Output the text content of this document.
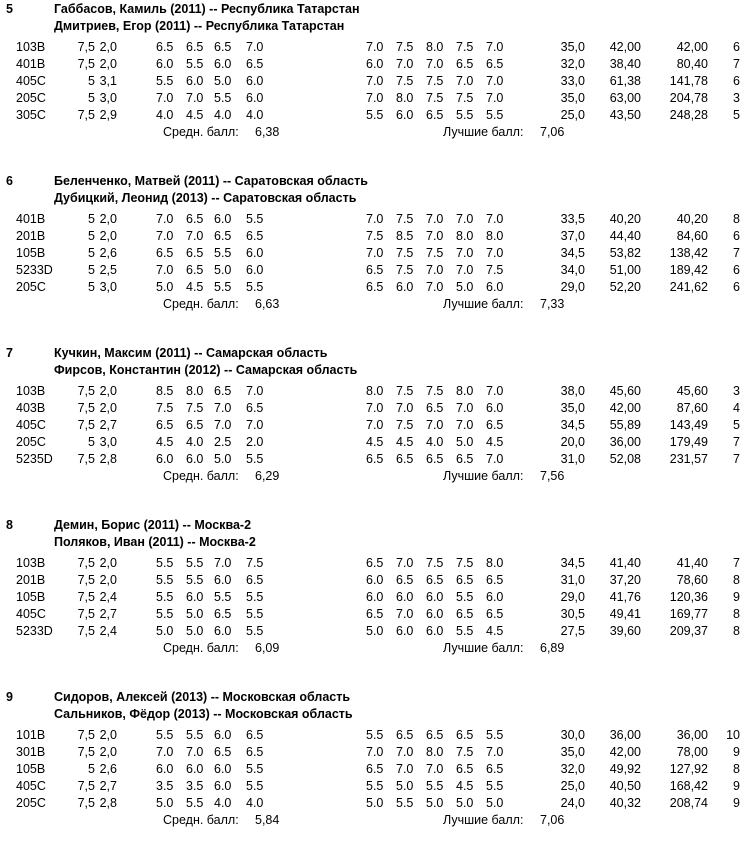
5	Габбасов, Камиль (2011) -- Республика Татарстан
Дмитриев, Егор (2011) -- Республика Татарстан
103B	7,5 2,0	6.5 6.5 6.5 7.0	7.0 7.5 8.0 7.5 7.0	35,0 42,00	42,00	6
401B	7,5 2,0	6.0 5.5 6.0 6.5	6.0 7.0 7.0 6.5 6.5	32,0 38,40	80,40	7
405C	5 3,1	5.5 6.0 5.0 6.0	7.0 7.5 7.5 7.0 7.0	33,0 61,38 141,78	6
205C	5 3,0	7.0 7.0 5.5 6.0	7.0 8.0 7.5 7.5 7.0	35,0 63,00 204,78	3
305C	7,5 2,9	4.0 4.5 4.0 4.0	5.5 6.0 6.5 5.5 5.5	25,0 43,50 248,28	5
Средн. балл: 6,38	Лучшие балл: 7,06
6	Беленченко, Матвей (2011) -- Саратовская область
Дубицкий, Леонид (2013) -- Саратовская область
401B	5 2,0	7.0 6.5 6.0 5.5	7.0 7.5 7.0 7.0 7.0	33,5 40,20	40,20	8
201B	5 2,0	7.0 7.0 6.5 6.5	7.5 8.5 7.0 8.0 8.0	37,0 44,40	84,60	6
105B	5 2,6	6.5 6.5 5.5 6.0	7.0 7.5 7.5 7.0 7.0	34,5 53,82 138,42	7
5233D	5 2,5	7.0 6.5 5.0 6.0	6.5 7.5 7.0 7.0 7.5	34,0 51,00 189,42	6
205C	5 3,0	5.0 4.5 5.5 5.5	6.5 6.0 7.0 5.0 6.0	29,0 52,20 241,62	6
Средн. балл: 6,63	Лучшие балл: 7,33
7	Кучкин, Максим (2011) -- Самарская область
Фирсов, Константин (2012) -- Самарская область
103B	7,5 2,0	8.5 8.0 6.5 7.0	8.0 7.5 7.5 8.0 7.0	38,0 45,60	45,60	3
403B	7,5 2,0	7.5 7.5 7.0 6.5	7.0 7.0 6.5 7.0 6.0	35,0 42,00	87,60	4
405C	7,5 2,7	6.5 6.5 7.0 7.0	7.0 7.5 7.0 7.0 6.5	34,5 55,89 143,49	5
205C	5 3,0	4.5 4.0 2.5 2.0	4.5 4.5 4.0 5.0 4.5	20,0 36,00 179,49	7
5235D	7,5 2,8	6.0 6.0 5.0 5.5	6.5 6.5 6.5 6.5 7.0	31,0 52,08 231,57	7
Средн. балл: 6,29	Лучшие балл: 7,56
8	Демин, Борис (2011) -- Москва-2
Поляков, Иван (2011) -- Москва-2
103B	7,5 2,0	5.5 5.5 7.0 7.5	6.5 7.0 7.5 7.5 8.0	34,5 41,40	41,40	7
201B	7,5 2,0	5.5 5.5 6.0 6.5	6.0 6.5 6.5 6.5 6.5	31,0 37,20	78,60	8
105B	7,5 2,4	5.5 6.0 5.5 5.5	6.0 6.0 6.0 5.5 6.0	29,0 41,76 120,36	9
405C	7,5 2,7	5.5 5.0 6.5 5.5	6.5 7.0 6.0 6.5 6.5	30,5 49,41 169,77	8
5233D	7,5 2,4	5.0 5.0 6.0 5.5	5.0 6.0 6.0 5.5 4.5	27,5 39,60 209,37	8
Средн. балл: 6,09	Лучшие балл: 6,89
9	Сидоров, Алексей (2013) -- Московская область
Сальников, Фёдор (2013) -- Московская область
101B	7,5 2,0	5.5 5.5 6.0 6.5	5.5 6.5 6.5 6.5 5.5	30,0 36,00	36,00	10
301B	7,5 2,0	7.0 7.0 6.5 6.5	7.0 7.0 8.0 7.5 7.0	35,0 42,00	78,00	9
105B	5 2,6	6.0 6.0 6.0 5.5	6.5 7.0 7.0 6.5 6.5	32,0 49,92 127,92	8
405C	7,5 2,7	3.5 3.5 6.0 5.5	5.5 5.0 5.5 4.5 5.5	25,0 40,50 168,42	9
205C	7,5 2,8	5.0 5.5 4.0 4.0	5.0 5.5 5.0 5.0 5.0	24,0 40,32 208,74	9
Средн. балл: 5,84	Лучшие балл: 7,06
